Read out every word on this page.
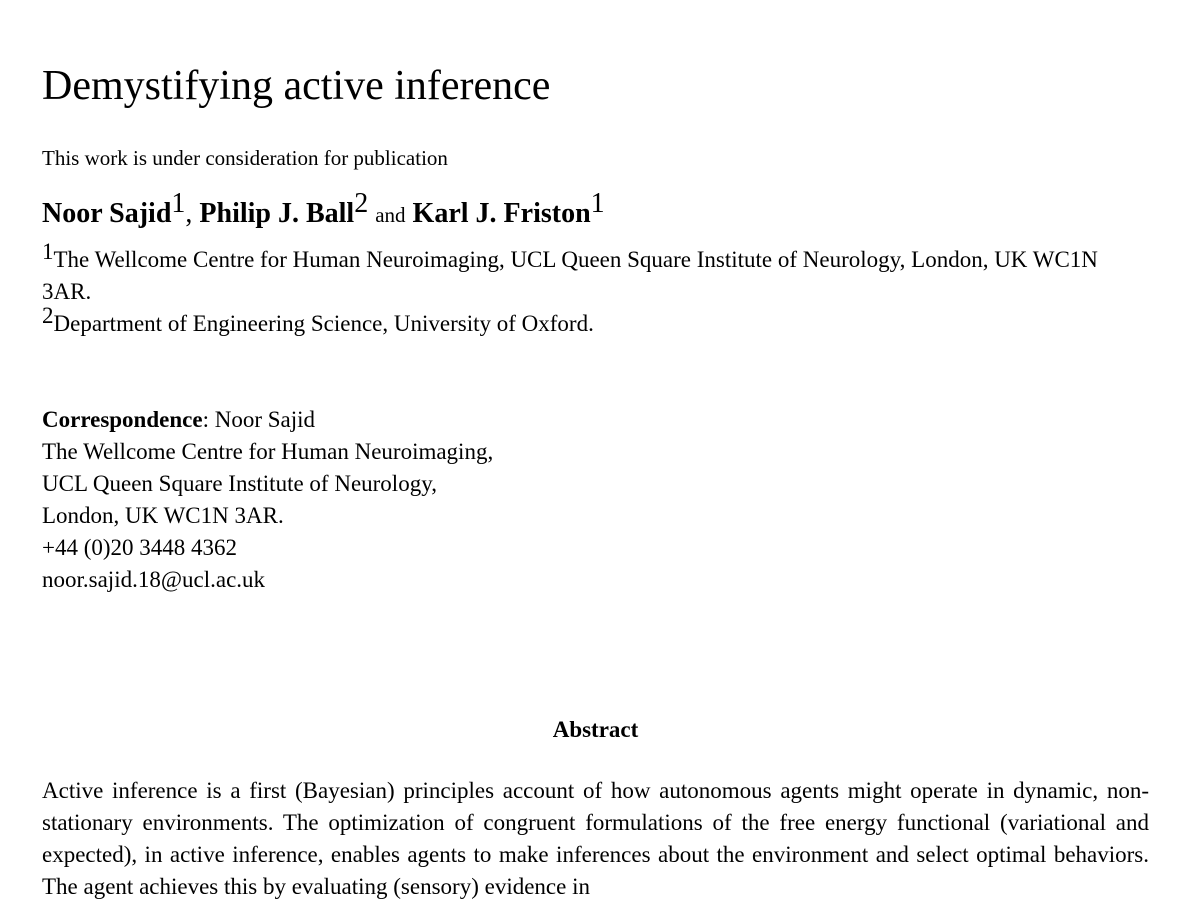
Demystifying active inference
This work is under consideration for publication
Noor Sajid$^1$, Philip J. Ball$^2$ and Karl J. Friston$^1$
$^1$The Wellcome Centre for Human Neuroimaging, UCL Queen Square Institute of Neurology, London, UK WC1N 3AR.
$^2$Department of Engineering Science, University of Oxford.
Correspondence: Noor Sajid
The Wellcome Centre for Human Neuroimaging,
UCL Queen Square Institute of Neurology,
London, UK WC1N 3AR.
+44 (0)20 3448 4362
noor.sajid.18@ucl.ac.uk
Abstract

Active inference is a first (Bayesian) principles account of how autonomous agents might operate in dynamic, non-stationary environments. The optimization of congruent formulations of the free energy functional (variational and expected), in active inference, enables agents to make inferences about the environment and select optimal behaviors. The agent achieves this by evaluating (sensory) evidence in
